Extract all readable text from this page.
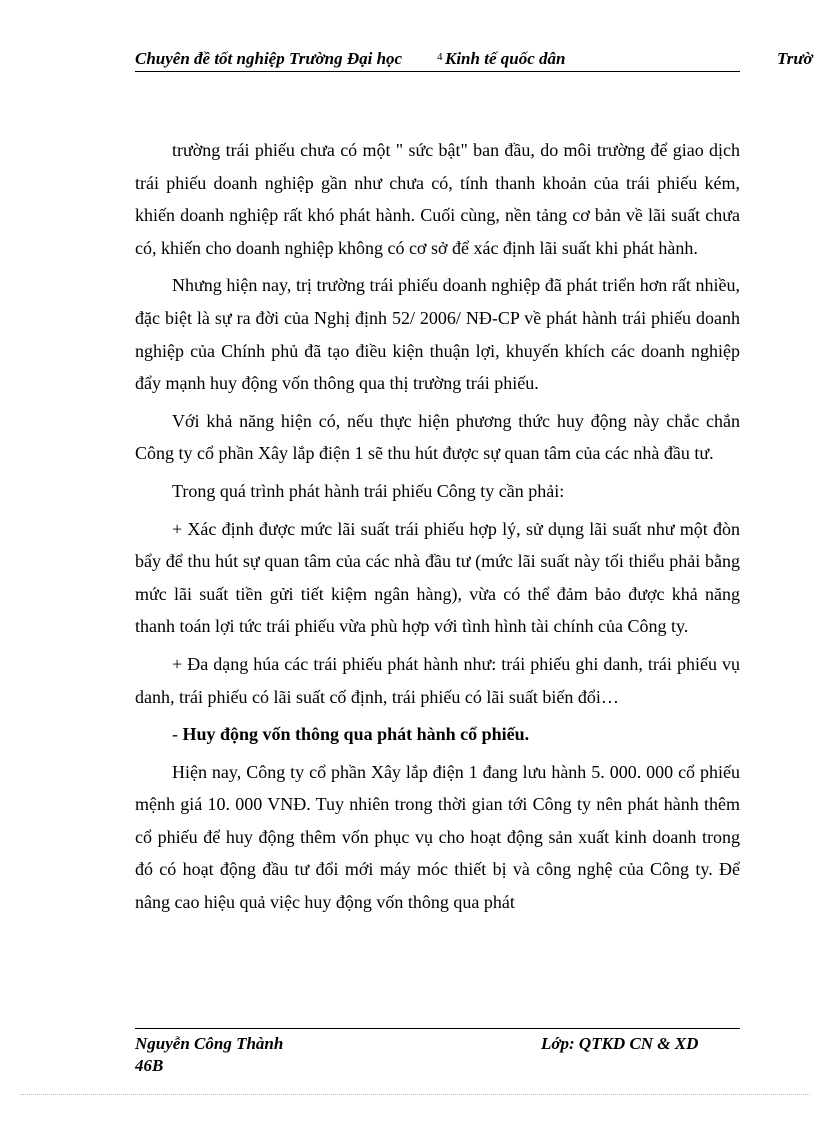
Chuyên đề tốt nghiệp Trường Đại học	4 Kinh tế quốc dân	Trườ

trường trái phiếu chưa có một " sức bật" ban đầu, do môi trường để giao dịch trái phiếu doanh nghiệp gần như chưa có, tính thanh khoản của trái phiếu kém, khiến doanh nghiệp rất khó phát hành. Cuối cùng, nền tảng cơ bản về lãi suất chưa có, khiến cho doanh nghiệp không có cơ sở để xác định lãi suất khi phát hành.

Nhưng hiện nay, trị trường trái phiếu doanh nghiệp đã phát triển hơn rất nhiều, đặc biệt là sự ra đời của Nghị định 52/ 2006/ NĐ-CP về phát hành trái phiếu doanh nghiệp của Chính phủ đã tạo điều kiện thuận lợi, khuyến khích các doanh nghiệp đẩy mạnh huy động vốn thông qua thị trường trái phiếu.

Với khả năng hiện có, nếu thực hiện phương thức huy động này chắc chắn Công ty cổ phần Xây lắp điện 1 sẽ thu hút được sự quan tâm của các nhà đầu tư.

Trong quá trình phát hành trái phiếu Công ty cần phải:

+ Xác định được mức lãi suất trái phiếu hợp lý, sử dụng lãi suất như một đòn bẩy để thu hút sự quan tâm của các nhà đầu tư (mức lãi suất này tối thiểu phải bằng mức lãi suất tiền gửi tiết kiệm ngân hàng), vừa có thể đảm bảo được khả năng thanh toán lợi tức trái phiếu vừa phù hợp với tình hình tài chính của Công ty.

+ Đa dạng húa các trái phiếu phát hành như: trái phiếu ghi danh, trái phiếu vụ danh, trái phiếu có lãi suất cố định, trái phiếu có lãi suất biến đổi…

- Huy động vốn thông qua phát hành cổ phiếu.

Hiện nay, Công ty cổ phần Xây lắp điện 1 đang lưu hành 5. 000. 000 cổ phiếu mệnh giá 10. 000 VNĐ. Tuy nhiên trong thời gian tới Công ty nên phát hành thêm cổ phiếu để huy động thêm vốn phục vụ cho hoạt động sản xuất kinh doanh trong đó có hoạt động đầu tư đổi mới máy móc thiết bị và công nghệ của Công ty. Để nâng cao hiệu quả việc huy động vốn thông qua phát

Nguyễn Công Thành
46B
Lớp: QTKD CN & XD
